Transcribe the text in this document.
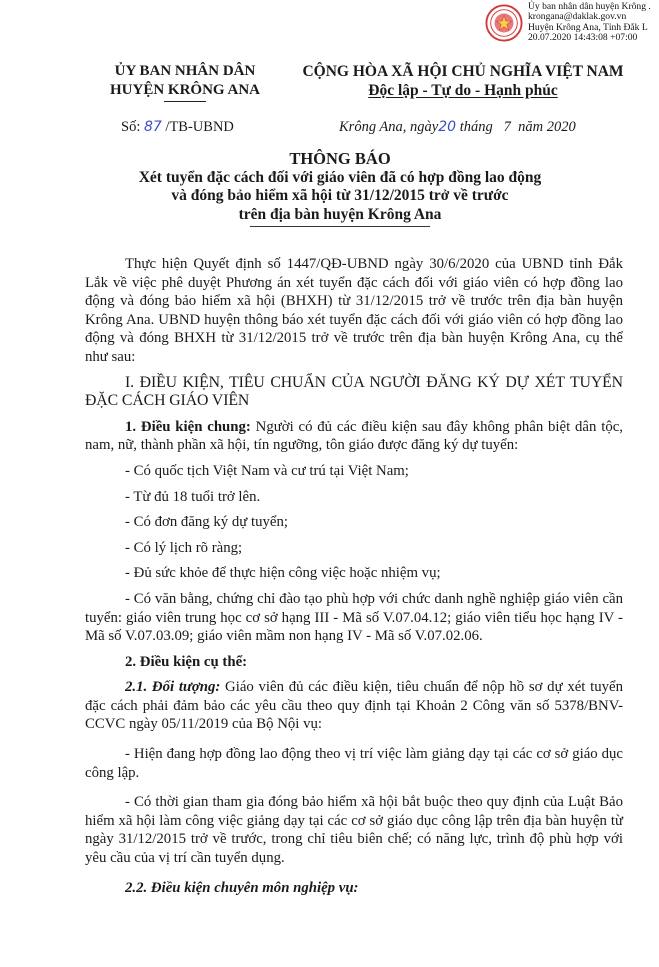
Ủy ban nhân dân huyện Krông .
krongana@daklak.gov.vn
Huyện Krông Ana, Tỉnh Đắk L
20.07.2020 14:43:08 +07:00
ỦY BAN NHÂN DÂN
HUYỆN KRÔNG ANA
CỘNG HÒA XÃ HỘI CHỦ NGHĨA VIỆT NAM
Độc lập - Tự do - Hạnh phúc
Số: 87 /TB-UBND	Krông Ana, ngày20 tháng 7 năm 2020
THÔNG BÁO
Xét tuyển đặc cách đối với giáo viên đã có hợp đồng lao động
và đóng bảo hiểm xã hội từ 31/12/2015 trở về trước
trên địa bàn huyện Krông Ana

Thực hiện Quyết định số 1447/QĐ-UBND ngày 30/6/2020 của UBND tỉnh Đắk Lắk về việc phê duyệt Phương án xét tuyển đặc cách đối với giáo viên có hợp đồng lao động và đóng bảo hiểm xã hội (BHXH) từ 31/12/2015 trở về trước trên địa bàn huyện Krông Ana. UBND huyện thông báo xét tuyển đặc cách đối với giáo viên có hợp đồng lao động và đóng BHXH từ 31/12/2015 trở về trước trên địa bàn huyện Krông Ana, cụ thể như sau:

I. ĐIỀU KIỆN, TIÊU CHUẨN CỦA NGƯỜI ĐĂNG KÝ DỰ XÉT TUYỂN ĐẶC CÁCH GIÁO VIÊN

1. Điều kiện chung: Người có đủ các điều kiện sau đây không phân biệt dân tộc, nam, nữ, thành phần xã hội, tín ngưỡng, tôn giáo được đăng ký dự tuyển:

- Có quốc tịch Việt Nam và cư trú tại Việt Nam;

- Từ đủ 18 tuổi trở lên.

- Có đơn đăng ký dự tuyển;

- Có lý lịch rõ ràng;

- Đủ sức khỏe để thực hiện công việc hoặc nhiệm vụ;

- Có văn bằng, chứng chỉ đào tạo phù hợp với chức danh nghề nghiệp giáo viên cần tuyển: giáo viên trung học cơ sở hạng III - Mã số V.07.04.12; giáo viên tiểu học hạng IV - Mã số V.07.03.09; giáo viên mầm non hạng IV - Mã số V.07.02.06.

2. Điều kiện cụ thể:

2.1. Đối tượng: Giáo viên đủ các điều kiện, tiêu chuẩn để nộp hồ sơ dự xét tuyển đặc cách phải đảm bảo các yêu cầu theo quy định tại Khoản 2 Công văn số 5378/BNV-CCVC ngày 05/11/2019 của Bộ Nội vụ:

- Hiện đang hợp đồng lao động theo vị trí việc làm giảng dạy tại các cơ sở giáo dục công lập.

- Có thời gian tham gia đóng bảo hiểm xã hội bắt buộc theo quy định của Luật Bảo hiểm xã hội làm công việc giảng dạy tại các cơ sở giáo dục công lập trên địa bàn huyện từ ngày 31/12/2015 trở về trước, trong chỉ tiêu biên chế; có năng lực, trình độ phù hợp với yêu cầu của vị trí cần tuyển dụng.

2.2. Điều kiện chuyên môn nghiệp vụ:
